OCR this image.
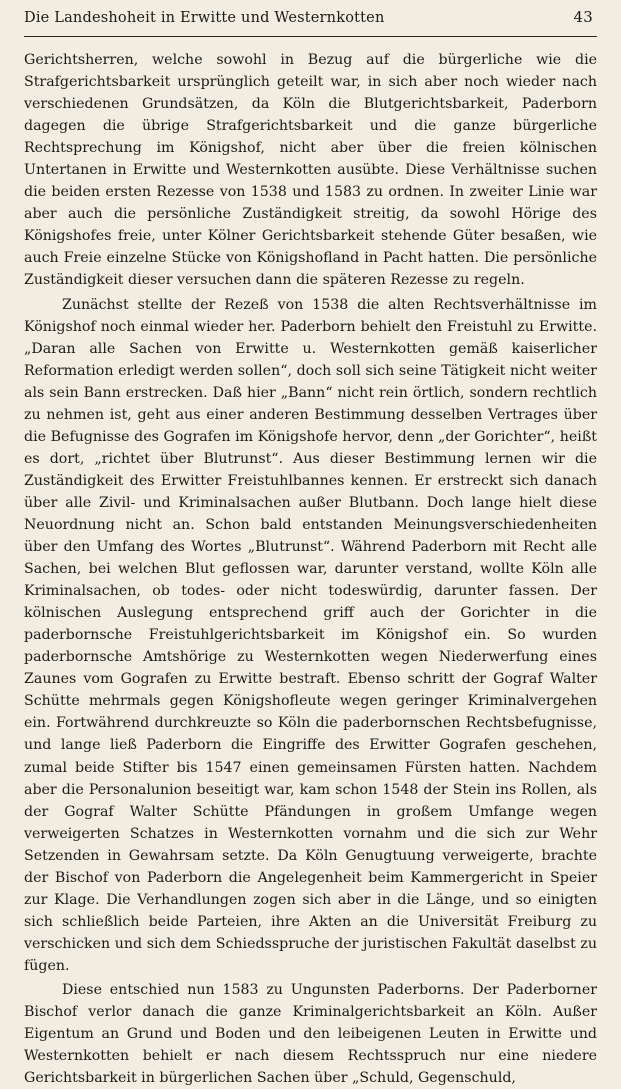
Die Landeshoheit in Erwitte und Westernkotten	43

Gerichtsherren, welche sowohl in Bezug auf die bürgerliche wie die Strafgerichtsbarkeit ursprünglich geteilt war, in sich aber noch wieder nach verschiedenen Grundsätzen, da Köln die Blutgerichtsbarkeit, Paderborn dagegen die übrige Strafgerichtsbarkeit und die ganze bürgerliche Rechtsprechung im Königshof, nicht aber über die freien kölnischen Untertanen in Erwitte und Westernkotten ausübte. Diese Verhältnisse suchen die beiden ersten Rezesse von 1538 und 1583 zu ordnen. In zweiter Linie war aber auch die persönliche Zuständigkeit streitig, da sowohl Hörige des Königshofes freie, unter Kölner Gerichtsbarkeit stehende Güter besaßen, wie auch Freie einzelne Stücke von Königshofland in Pacht hatten. Die persönliche Zuständigkeit dieser versuchen dann die späteren Rezesse zu regeln.

Zunächst stellte der Rezeß von 1538 die alten Rechtsverhältnisse im Königshof noch einmal wieder her. Paderborn behielt den Freistuhl zu Erwitte. „Daran alle Sachen von Erwitte u. Westernkotten gemäß kaiserlicher Reformation erledigt werden sollen“, doch soll sich seine Tätigkeit nicht weiter als sein Bann erstrecken. Daß hier „Bann“ nicht rein örtlich, sondern rechtlich zu nehmen ist, geht aus einer anderen Bestimmung desselben Vertrages über die Befugnisse des Gografen im Königshofe hervor, denn „der Gorichter“, heißt es dort, „richtet über Blutrunst“. Aus dieser Bestimmung lernen wir die Zuständigkeit des Erwitter Freistuhlbannes kennen. Er erstreckt sich danach über alle Zivil- und Kriminalsachen außer Blutbann. Doch lange hielt diese Neuordnung nicht an. Schon bald entstanden Meinungsverschiedenheiten über den Umfang des Wortes „Blutrunst“. Während Paderborn mit Recht alle Sachen, bei welchen Blut geflossen war, darunter verstand, wollte Köln alle Kriminalsachen, ob todes- oder nicht todeswürdig, darunter fassen. Der kölnischen Auslegung entsprechend griff auch der Gorichter in die paderbornsche Freistuhlgerichtsbarkeit im Königshof ein. So wurden paderbornsche Amtshörige zu Westernkotten wegen Niederwerfung eines Zaunes vom Gografen zu Erwitte bestraft. Ebenso schritt der Gograf Walter Schütte mehrmals gegen Königshofleute wegen geringer Kriminalvergehen ein. Fortwährend durchkreuzte so Köln die paderbornschen Rechtsbefugnisse, und lange ließ Paderborn die Eingriffe des Erwitter Gografen geschehen, zumal beide Stifter bis 1547 einen gemeinsamen Fürsten hatten. Nachdem aber die Personalunion beseitigt war, kam schon 1548 der Stein ins Rollen, als der Gograf Walter Schütte Pfändungen in großem Umfange wegen verweigerten Schatzes in Westernkotten vornahm und die sich zur Wehr Setzenden in Gewahrsam setzte. Da Köln Genugtuung verweigerte, brachte der Bischof von Paderborn die Angelegenheit beim Kammergericht in Speier zur Klage. Die Verhandlungen zogen sich aber in die Länge, und so einigten sich schließlich beide Parteien, ihre Akten an die Universität Freiburg zu verschicken und sich dem Schiedsspruche der juristischen Fakultät daselbst zu fügen.

Diese entschied nun 1583 zu Ungunsten Paderborns. Der Paderborner Bischof verlor danach die ganze Kriminalgerichtsbarkeit an Köln. Außer Eigentum an Grund und Boden und den leibeigenen Leuten in Erwitte und Westernkotten behielt er nach diesem Rechtsspruch nur eine niedere Gerichtsbarkeit in bürgerlichen Sachen über „Schuld, Gegenschuld,
